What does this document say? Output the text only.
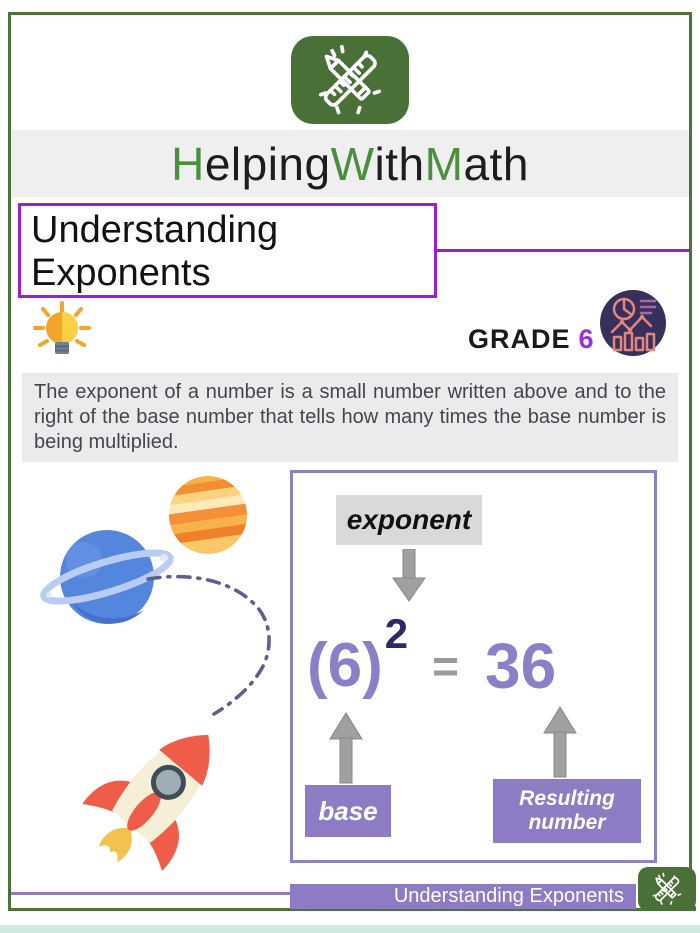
H elping W ith M ath
Understanding Exponents
GRADE 6
The exponent of a number is a small number written above and to the right of the base number that tells how many times the base number is being multiplied.
exponent
( 6 ) 2
= 36
base	Resulting number
Understanding Exponents
